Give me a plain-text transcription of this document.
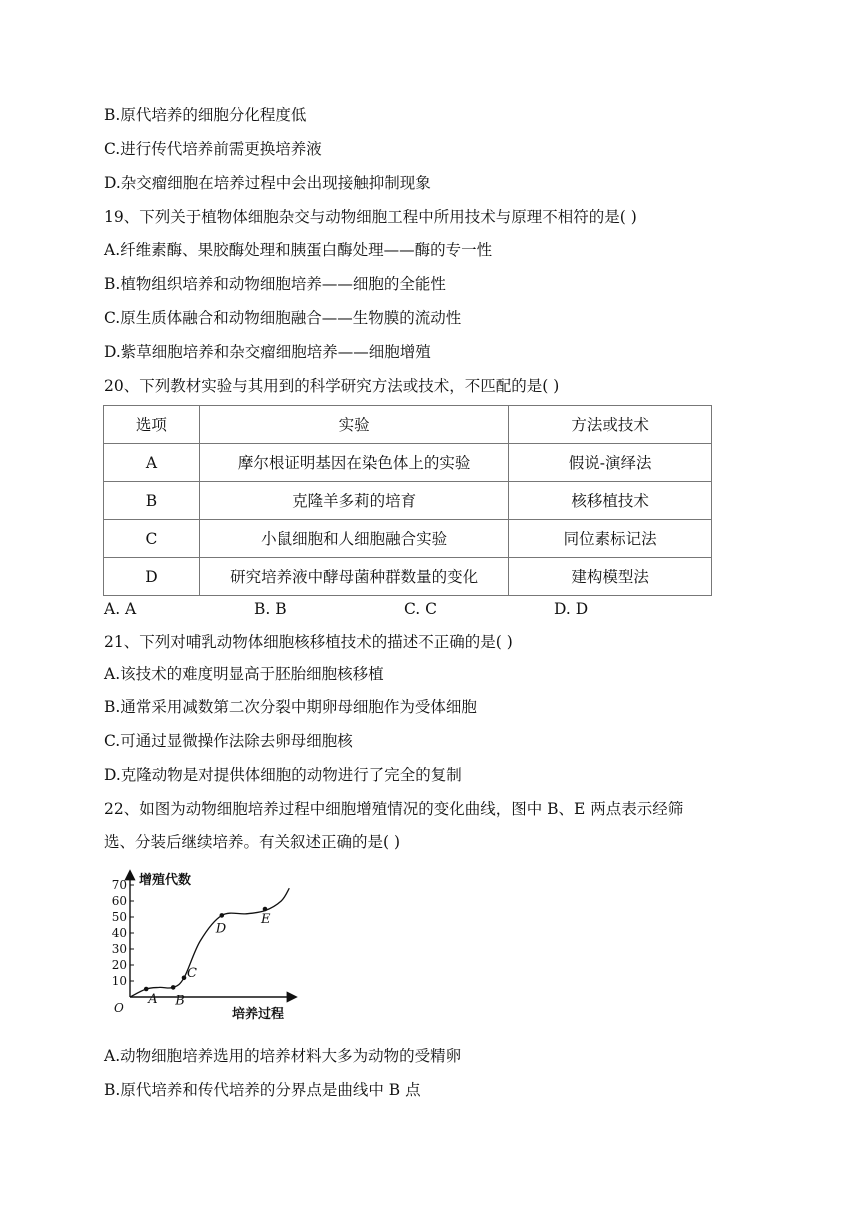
B.原代培养的细胞分化程度低
C.进行传代培养前需更换培养液
D.杂交瘤细胞在培养过程中会出现接触抑制现象
19、下列关于植物体细胞杂交与动物细胞工程中所用技术与原理不相符的是( )
A.纤维素酶、果胶酶处理和胰蛋白酶处理——酶的专一性
B.植物组织培养和动物细胞培养——细胞的全能性
C.原生质体融合和动物细胞融合——生物膜的流动性
D.紫草细胞培养和杂交瘤细胞培养——细胞增殖
20、下列教材实验与其用到的科学研究方法或技术，不匹配的是( )
选项	实验	方法或技术
A	摩尔根证明基因在染色体上的实验	假说-演绎法
B	克隆羊多莉的培育	核移植技术
C	小鼠细胞和人细胞融合实验	同位素标记法
D	研究培养液中酵母菌种群数量的变化	建构模型法
A. A	B. B	C. C	D. D
21、下列对哺乳动物体细胞核移植技术的描述不正确的是( )
A.该技术的难度明显高于胚胎细胞核移植
B.通常采用减数第二次分裂中期卵母细胞作为受体细胞
C.可通过显微操作法除去卵母细胞核
D.克隆动物是对提供体细胞的动物进行了完全的复制
22、如图为动物细胞培养过程中细胞增殖情况的变化曲线，图中 B、E 两点表示经筛
选、分装后继续培养。有关叙述正确的是( )
增殖代数
培养过程
O
10
20
30
40
50
60
70
A B
C
D
E
A.动物细胞培养选用的培养材料大多为动物的受精卵
B.原代培养和传代培养的分界点是曲线中 B 点
